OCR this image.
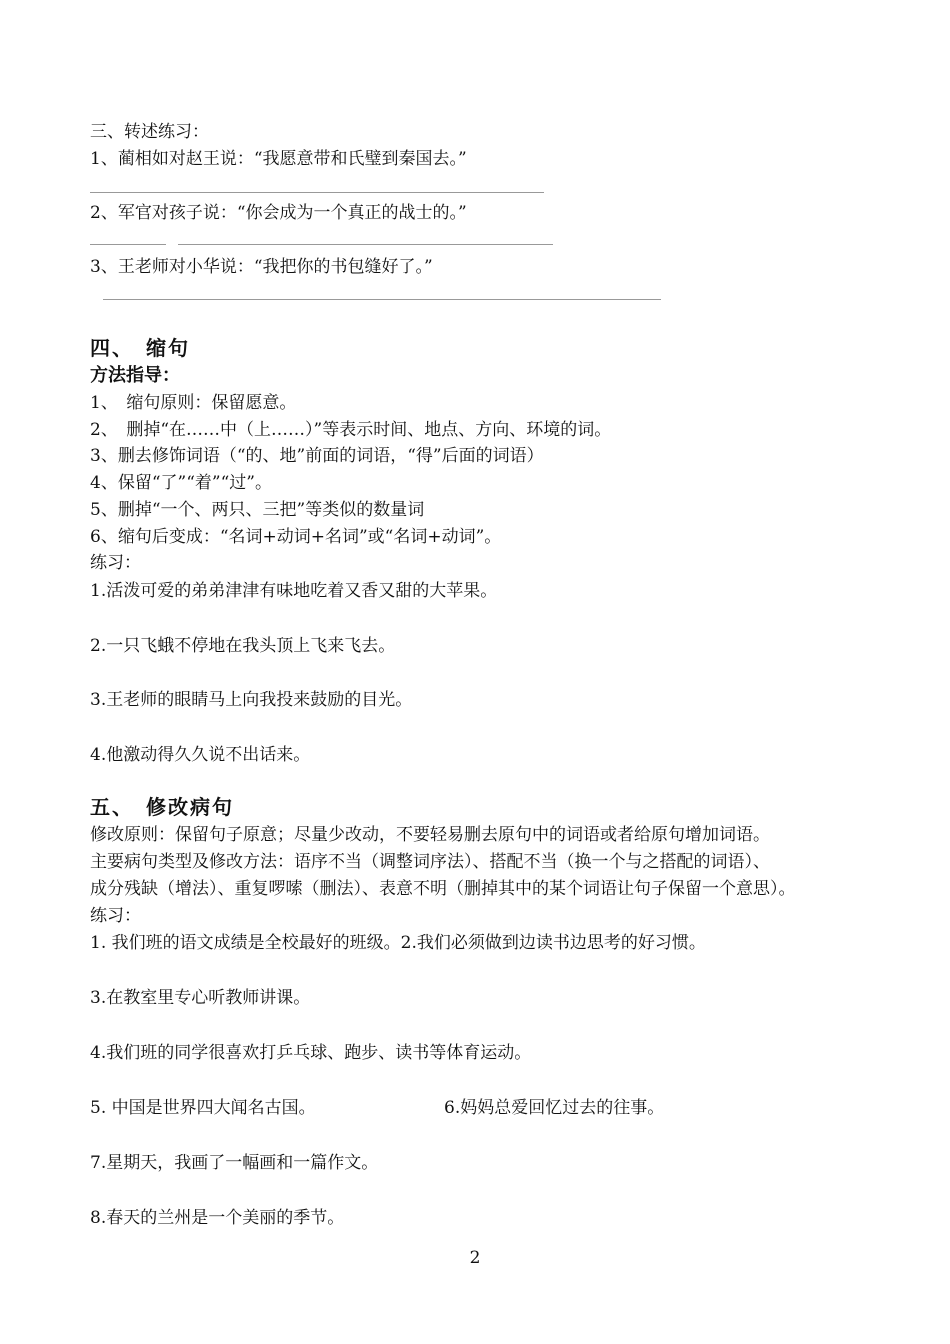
三、转述练习：
1、蔺相如对赵王说：“我愿意带和氏璧到秦国去。”
2、军官对孩子说：“你会成为一个真正的战士的。”
3、王老师对小华说：“我把你的书包缝好了。”
四、　缩句
方法指导：
1、　缩句原则：保留愿意。
2、　删掉“在……中（上……）”等表示时间、地点、方向、环境的词。
3、删去修饰词语（“的、地”前面的词语，“得”后面的词语）
4、保留“了”“着”“过”。
5、删掉“一个、两只、三把”等类似的数量词
6、缩句后变成：“名词+动词+名词”或“名词+动词”。
练习：
1.活泼可爱的弟弟津津有味地吃着又香又甜的大苹果。
2.一只飞蛾不停地在我头顶上飞来飞去。
3.王老师的眼睛马上向我投来鼓励的目光。
4.他激动得久久说不出话来。
五、　修改病句
修改原则：保留句子原意；尽量少改动，不要轻易删去原句中的词语或者给原句增加词语。
主要病句类型及修改方法：语序不当（调整词序法）、搭配不当（换一个与之搭配的词语）、
成分残缺（增法）、重复啰嗦（删法）、表意不明（删掉其中的某个词语让句子保留一个意思）。
练习：
1. 我们班的语文成绩是全校最好的班级。2.我们必须做到边读书边思考的好习惯。
3.在教室里专心听教师讲课。
4.我们班的同学很喜欢打乒乓球、跑步、读书等体育运动。
5. 中国是世界四大闻名古国。	6.妈妈总爱回忆过去的往事。
7.星期天，我画了一幅画和一篇作文。
8.春天的兰州是一个美丽的季节。
2
